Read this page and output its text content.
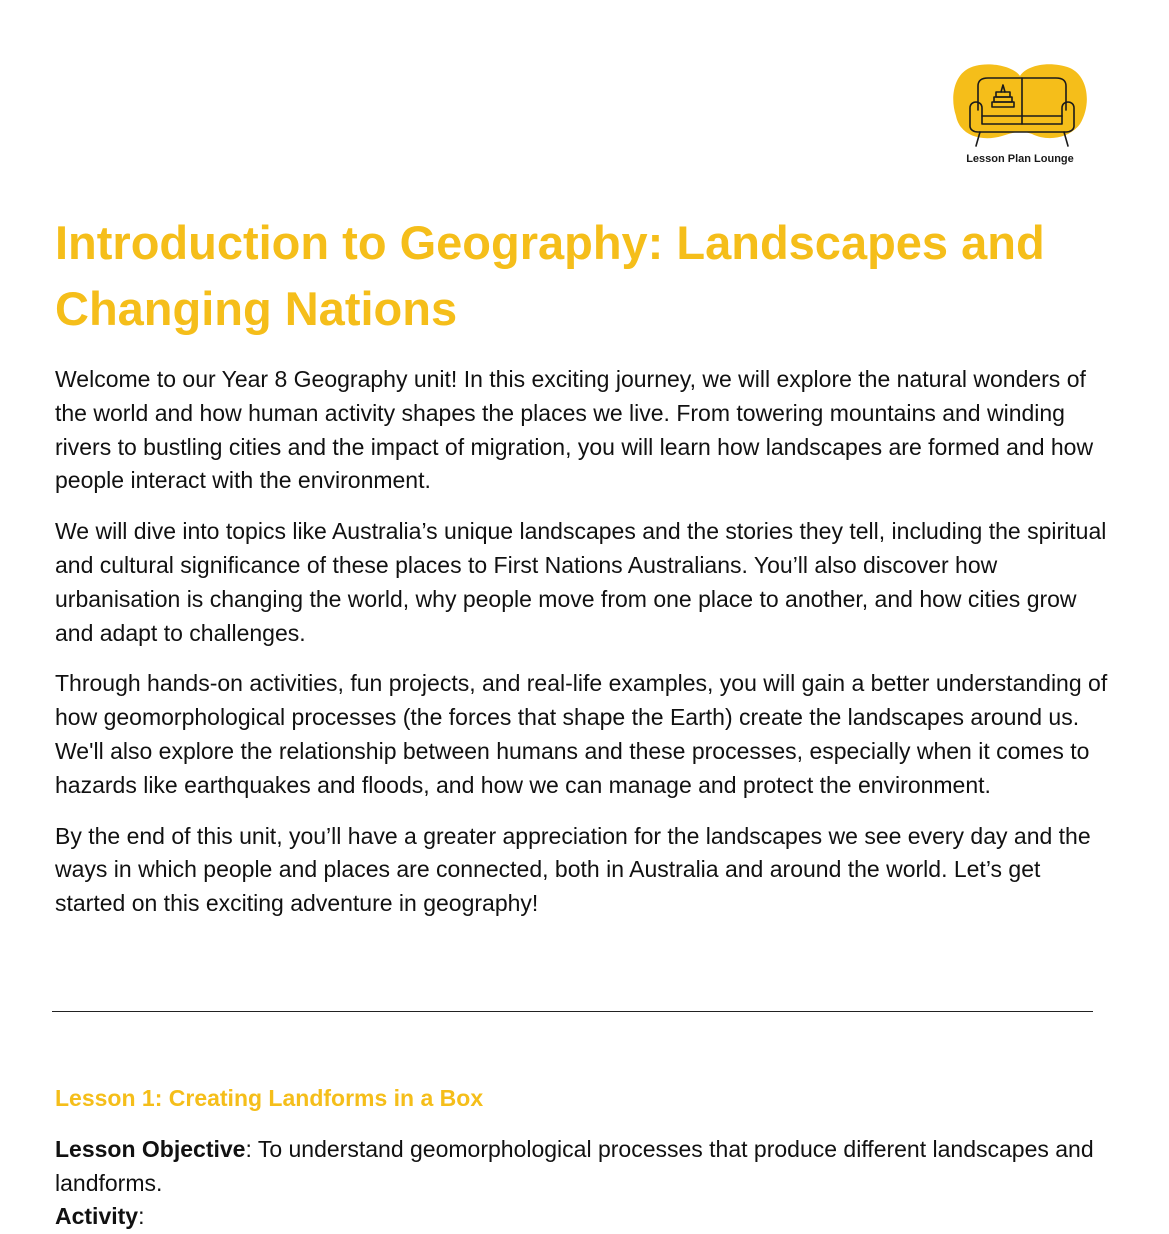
Lesson Plan Lounge
Introduction to Geography: Landscapes and Changing Nations

Welcome to our Year 8 Geography unit! In this exciting journey, we will explore the natural wonders of the world and how human activity shapes the places we live. From towering mountains and winding rivers to bustling cities and the impact of migration, you will learn how landscapes are formed and how people interact with the environment.

We will dive into topics like Australia’s unique landscapes and the stories they tell, including the spiritual and cultural significance of these places to First Nations Australians. You’ll also discover how urbanisation is changing the world, why people move from one place to another, and how cities grow and adapt to challenges.

Through hands-on activities, fun projects, and real-life examples, you will gain a better understanding of how geomorphological processes (the forces that shape the Earth) create the landscapes around us. We'll also explore the relationship between humans and these processes, especially when it comes to hazards like earthquakes and floods, and how we can manage and protect the environment.

By the end of this unit, you’ll have a greater appreciation for the landscapes we see every day and the ways in which people and places are connected, both in Australia and around the world. Let’s get started on this exciting adventure in geography!

Lesson 1: Creating Landforms in a Box

Lesson Objective: To understand geomorphological processes that produce different landscapes and landforms.

Activity:
